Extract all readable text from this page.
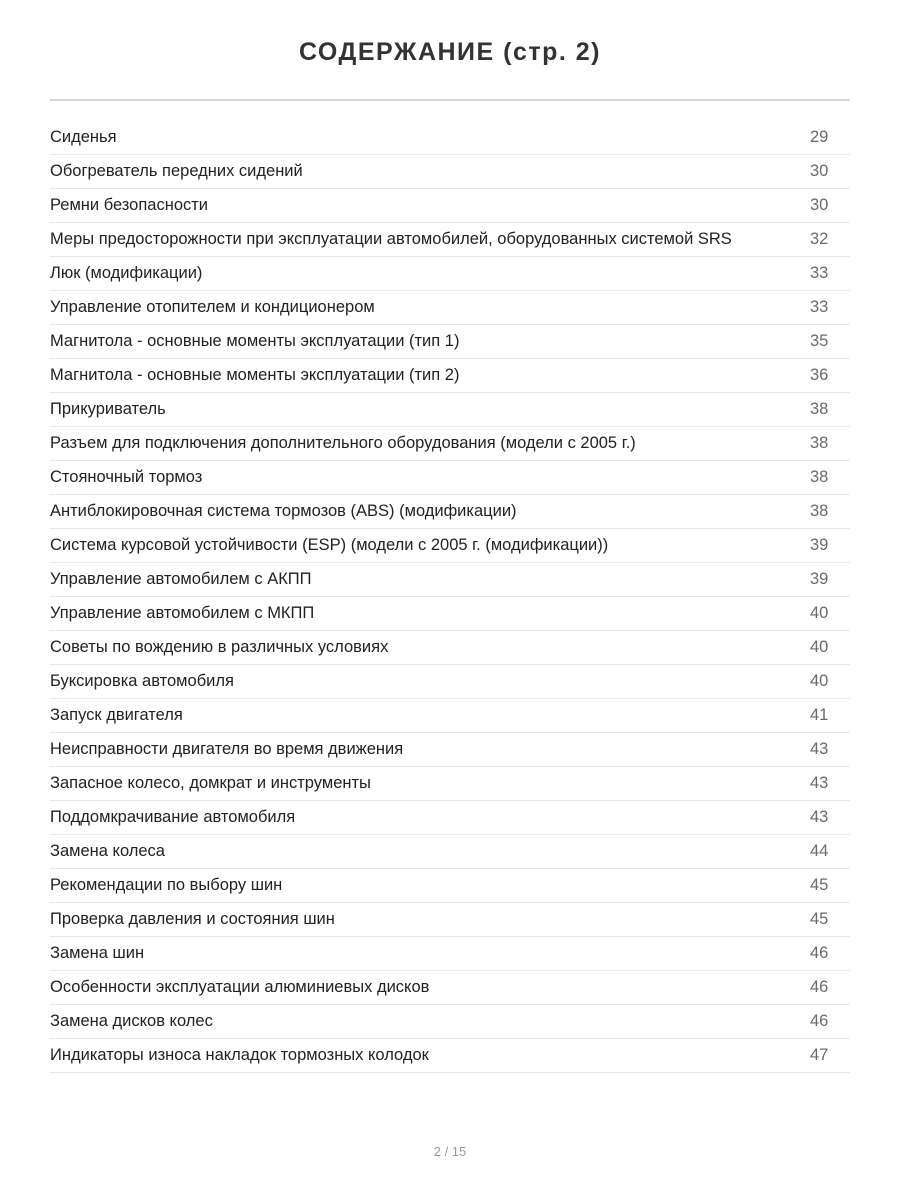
СОДЕРЖАНИЕ (стр. 2)
Сиденья	29
Обогреватель передних сидений	30
Ремни безопасности	30
Меры предосторожности при эксплуатации автомобилей, оборудованных системой SRS	32
Люк (модификации)	33
Управление отопителем и кондиционером	33
Магнитола - основные моменты эксплуатации (тип 1)	35
Магнитола - основные моменты эксплуатации (тип 2)	36
Прикуриватель	38
Разъем для подключения дополнительного оборудования (модели с 2005 г.)	38
Стояночный тормоз	38
Антиблокировочная система тормозов (ABS) (модификации)	38
Система курсовой устойчивости (ESP) (модели с 2005 г. (модификации))	39
Управление автомобилем с АКПП	39
Управление автомобилем с МКПП	40
Советы по вождению в различных условиях	40
Буксировка автомобиля	40
Запуск двигателя	41
Неисправности двигателя во время движения	43
Запасное колесо, домкрат и инструменты	43
Поддомкрачивание автомобиля	43
Замена колеса	44
Рекомендации по выбору шин	45
Проверка давления и состояния шин	45
Замена шин	46
Особенности эксплуатации алюминиевых дисков	46
Замена дисков колес	46
Индикаторы износа накладок тормозных колодок	47
2 / 15
